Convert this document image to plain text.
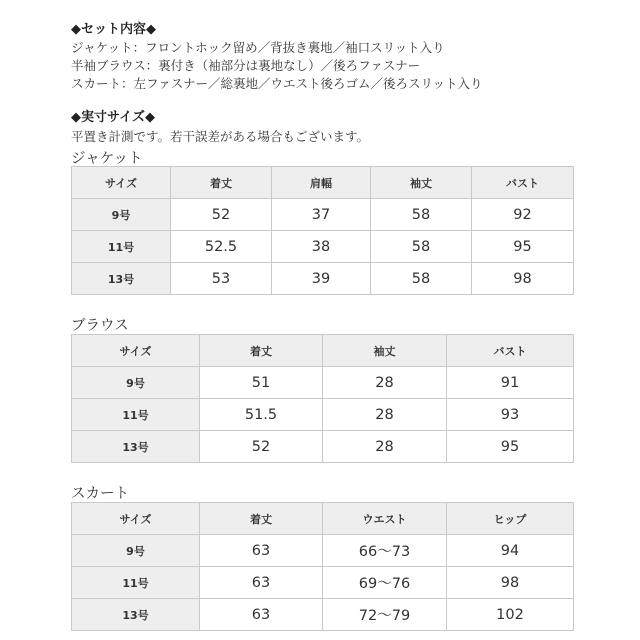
◆セット内容◆
ジャケット：フロントホック留め／背抜き裏地／袖口スリット入り
半袖ブラウス：裏付き（袖部分は裏地なし）／後ろファスナー
スカート：左ファスナー／総裏地／ウエスト後ろゴム／後ろスリット入り
◆実寸サイズ◆
平置き計測です。若干誤差がある場合もございます。
ジャケット
サイズ	着丈	肩幅	袖丈	バスト
9号	52	37	58	92
11号	52.5	38	58	95
13号	53	39	58	98
ブラウス
サイズ	着丈	袖丈	バスト
9号	51	28	91
11号	51.5	28	93
13号	52	28	95
スカート
サイズ	着丈	ウエスト	ヒップ
9号	63	66〜73	94
11号	63	69〜76	98
13号	63	72〜79	102
